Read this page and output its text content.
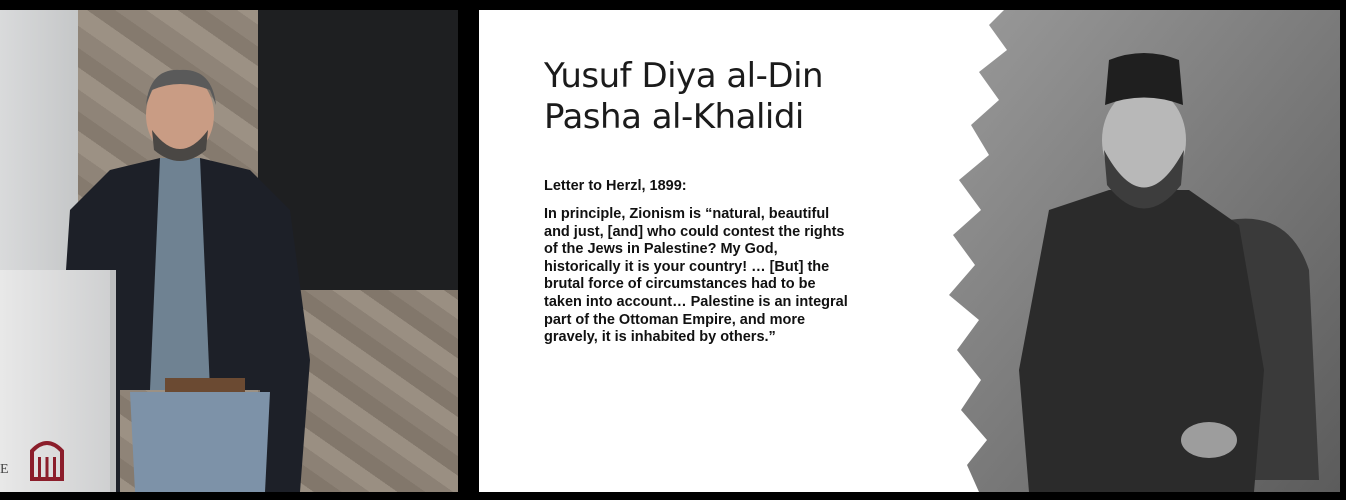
E
Yusuf Diya al-Din Pasha al-Khalidi
Letter to Herzl, 1899:
In principle, Zionism is “natural, beautiful and just, [and] who could contest the rights of the Jews in Palestine? My God, historically it is your country! … [But] the brutal force of circumstances had to be taken into account… Palestine is an integral part of the Ottoman Empire, and more gravely, it is inhabited by others.”
